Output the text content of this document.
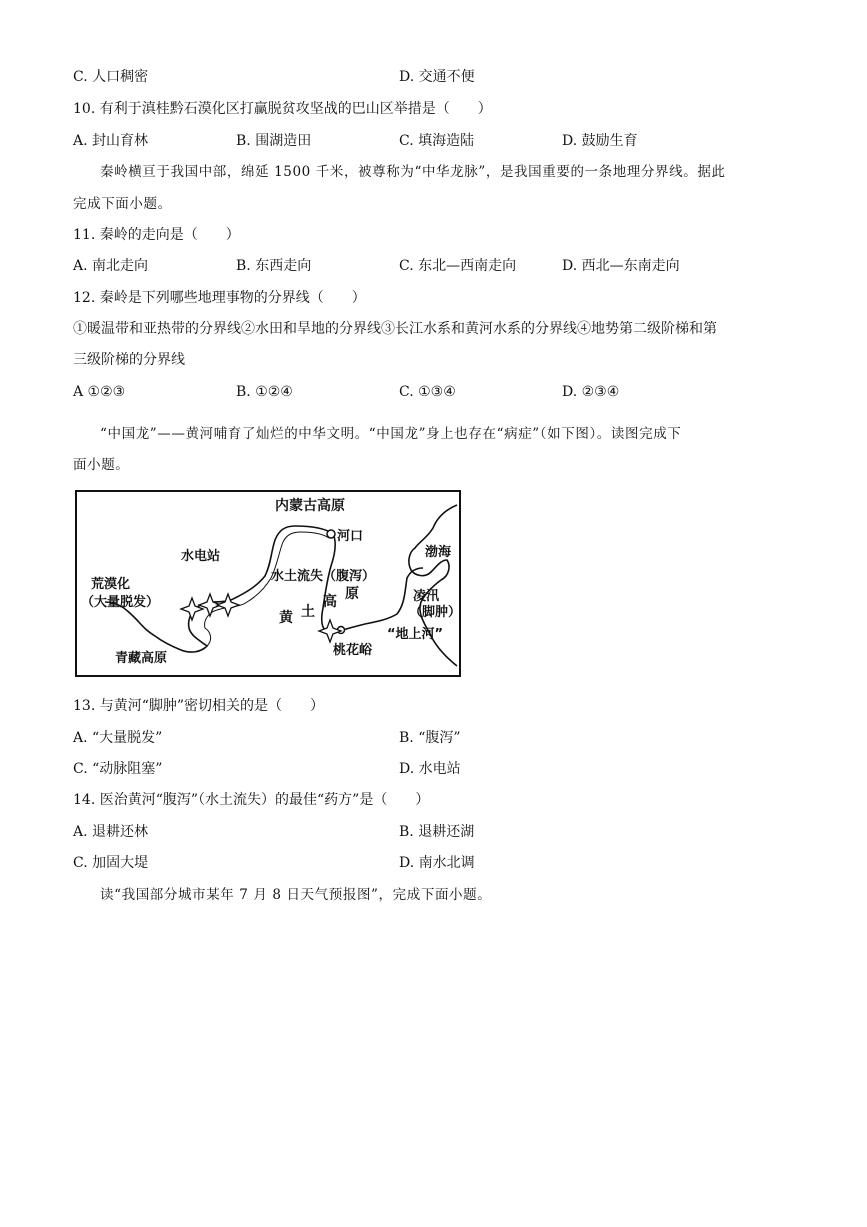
C. 人口稠密	D. 交通不便
10. 有利于滇桂黔石漠化区打赢脱贫攻坚战的巴山区举措是（　　）
A. 封山育林	B. 围湖造田	C. 填海造陆	D. 鼓励生育
秦岭横亘于我国中部，绵延 1500 千米，被尊称为“中华龙脉”，是我国重要的一条地理分界线。据此
完成下面小题。
11. 秦岭的走向是（　　）
A. 南北走向	B. 东西走向	C. 东北—西南走向	D. 西北—东南走向
12. 秦岭是下列哪些地理事物的分界线（　　）
①暖温带和亚热带的分界线②水田和旱地的分界线③长江水系和黄河水系的分界线④地势第二级阶梯和第
三级阶梯的分界线
A ①②③	B. ①②④	C. ①③④	D. ②③④
“中国龙”——黄河哺育了灿烂的中华文明。“中国龙”身上也存在“病症”（如下图）。读图完成下
面小题。
内蒙古高原
河口
渤海
水电站
水土流失（腹泻）
荒漠化
（大量脱发）	凌汛
（脚肿）
黄 土
高 原
“地上河”
桃花峪
青藏高原
13. 与黄河“脚肿”密切相关的是（　　）
A. “大量脱发”	B. “腹泻”
C. “动脉阻塞”	D. 水电站
14. 医治黄河“腹泻”（水土流失）的最佳“药方”是（　　）
A. 退耕还林	B. 退耕还湖
C. 加固大堤	D. 南水北调
读“我国部分城市某年 7 月 8 日天气预报图”，完成下面小题。
